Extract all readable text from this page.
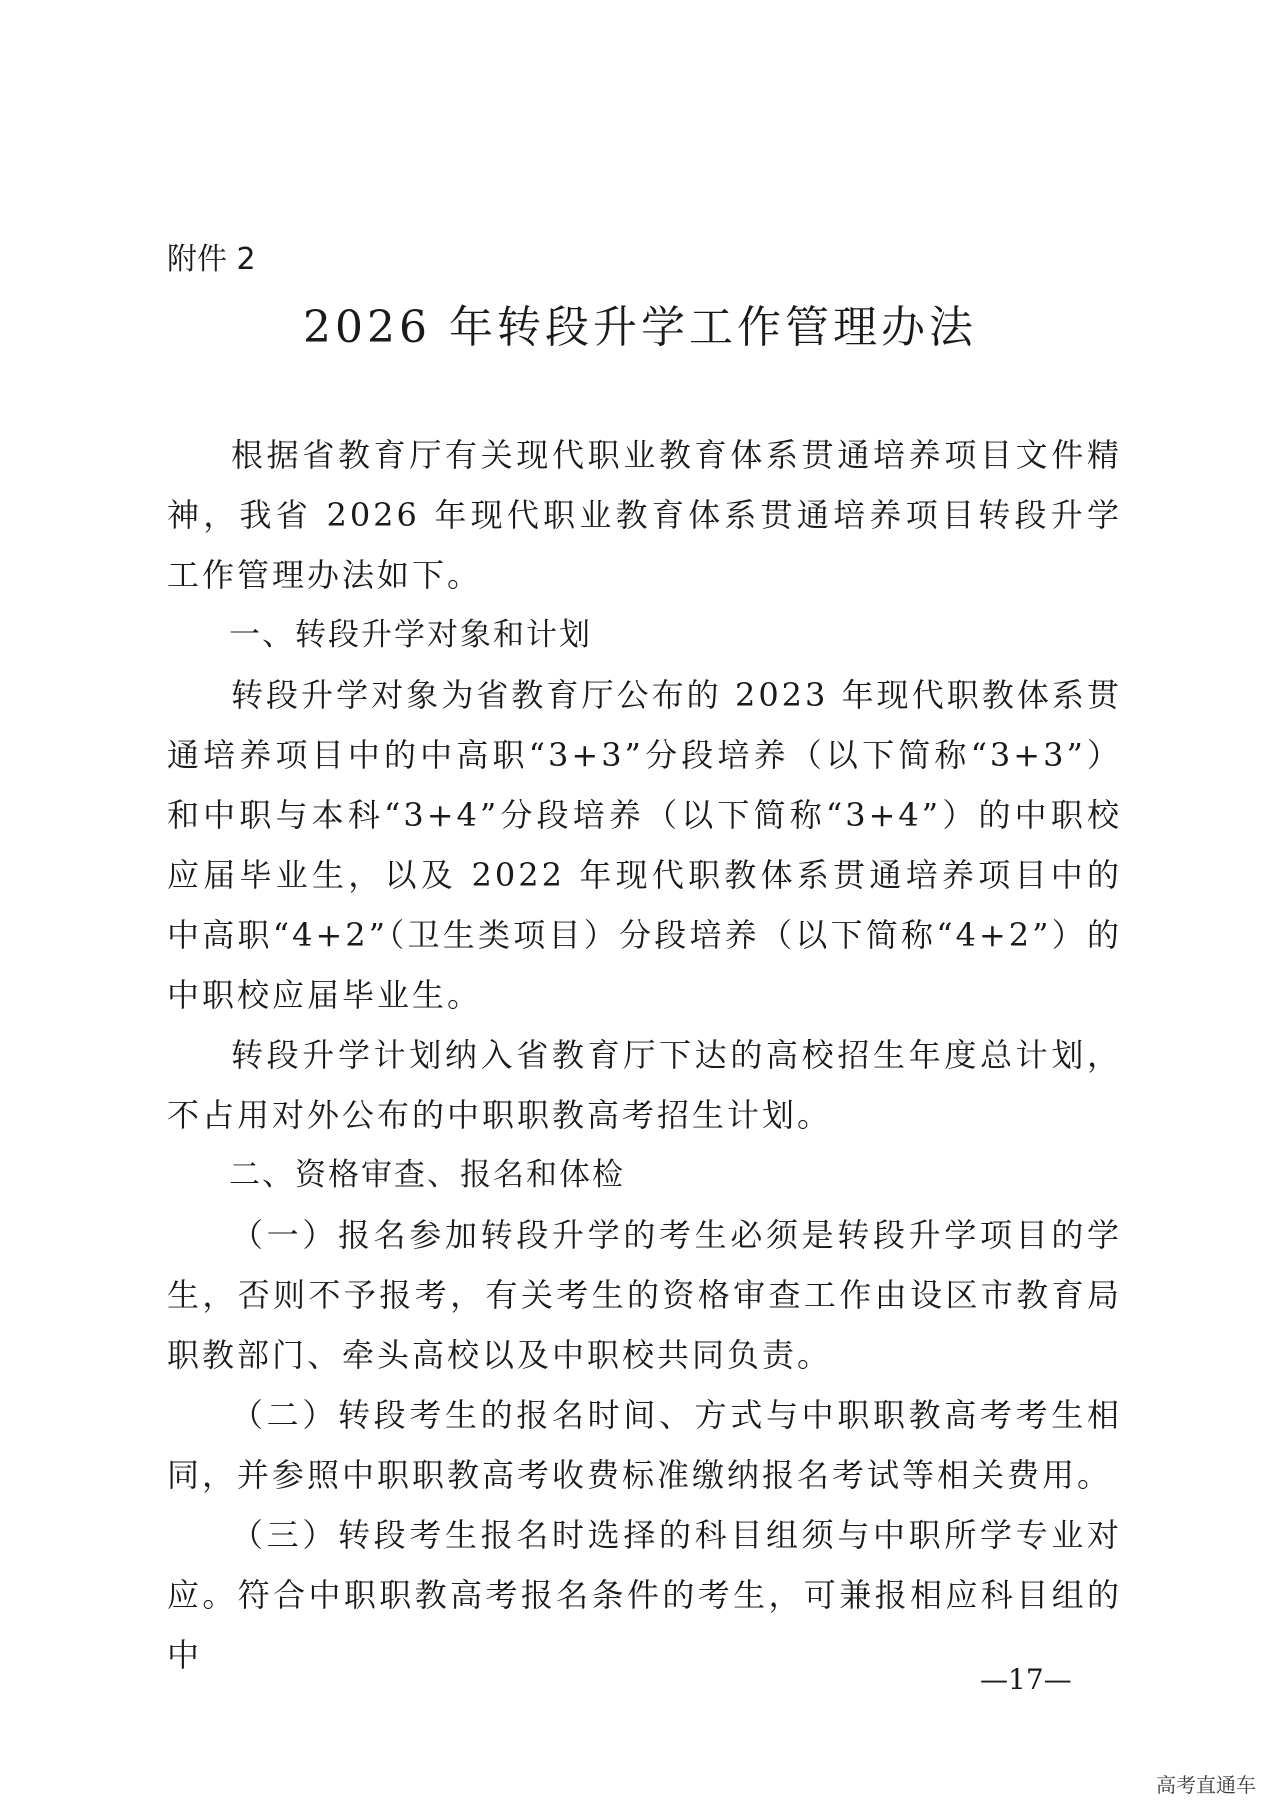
附件 2
2026 年转段升学工作管理办法

根据省教育厅有关现代职业教育体系贯通培养项目文件精神，我省 2026 年现代职业教育体系贯通培养项目转段升学工作管理办法如下。

一、转段升学对象和计划

转段升学对象为省教育厅公布的 2023 年现代职教体系贯通培养项目中的中高职“3+3”分段培养（以下简称“3+3”）和中职与本科“3+4”分段培养（以下简称“3+4”）的中职校应届毕业生，以及 2022 年现代职教体系贯通培养项目中的中高职“4+2”（卫生类项目）分段培养（以下简称“4+2”）的中职校应届毕业生。

转段升学计划纳入省教育厅下达的高校招生年度总计划，不占用对外公布的中职职教高考招生计划。

二、资格审查、报名和体检

（一）报名参加转段升学的考生必须是转段升学项目的学生，否则不予报考，有关考生的资格审查工作由设区市教育局职教部门、牵头高校以及中职校共同负责。

（二）转段考生的报名时间、方式与中职职教高考考生相同，并参照中职职教高考收费标准缴纳报名考试等相关费用。

（三）转段考生报名时选择的科目组须与中职所学专业对应。符合中职职教高考报名条件的考生，可兼报相应科目组的中

—17—
高考直通车
